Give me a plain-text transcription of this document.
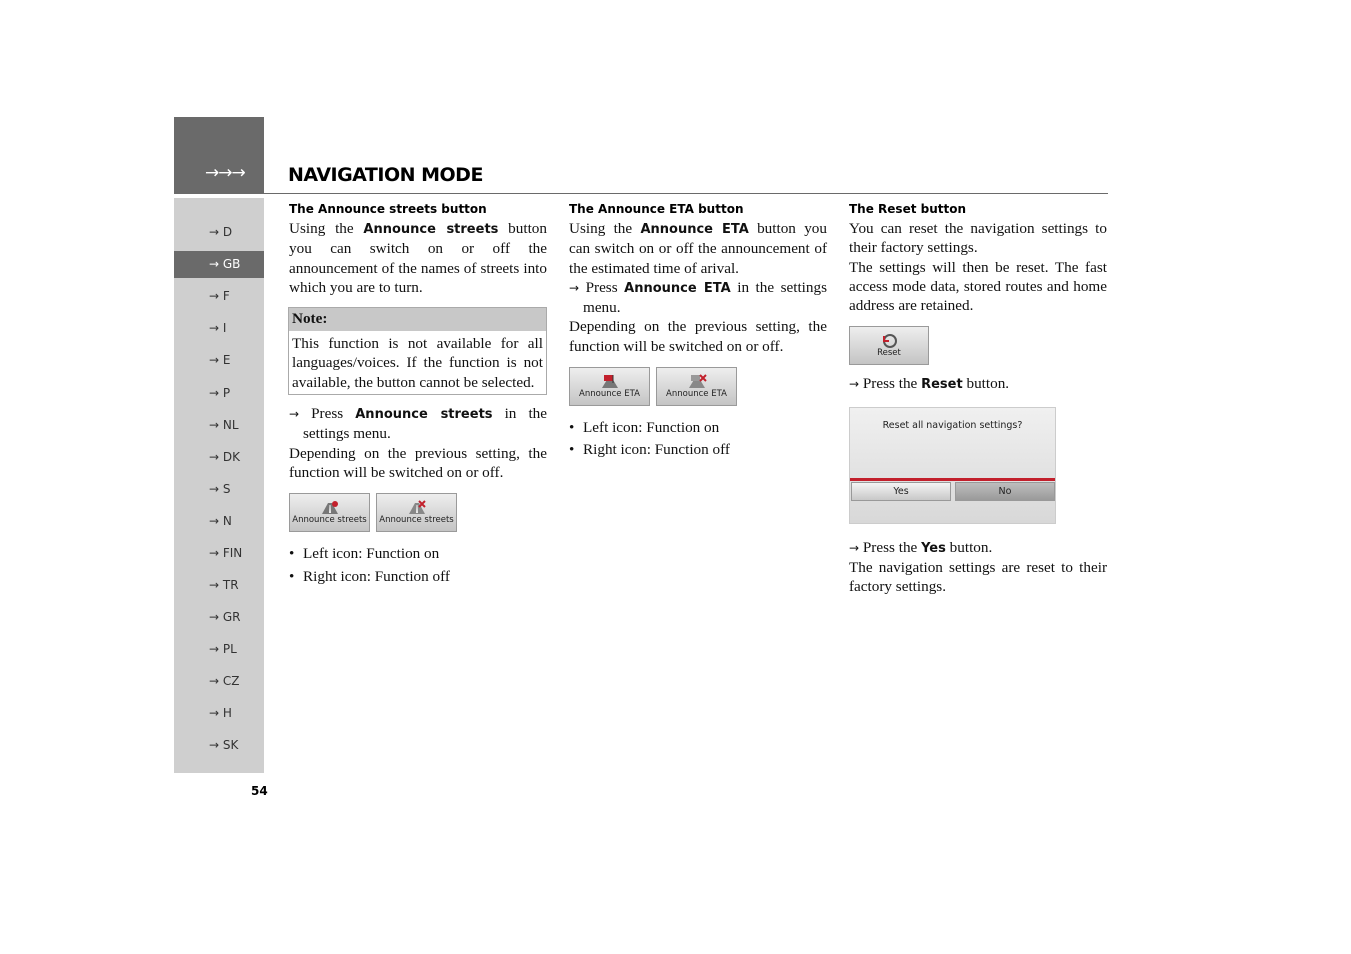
→→→ NAVIGATION MODE
→ D
→ GB
→ F
→ I
→ E
→ P
→ NL
→ DK
→ S
→ N
→ FIN
→ TR
→ GR
→ PL
→ CZ
→ H
→ SK
54
The Announce streets button

Using the Announce streets button you can switch on or off the announcement of the names of streets into which you are to turn.

Note:
This function is not available for all languages/voices. If the function is not available, the button cannot be selected.

→ Press Announce streets in the settings menu.

Depending on the previous setting, the function will be switched on or off.

Announce streets Announce streets
• Left icon: Function on
• Right icon: Function off
The Announce ETA button

Using the Announce ETA button you can switch on or off the announcement of the estimated time of arival.

→ Press Announce ETA in the settings menu.

Depending on the previous setting, the function will be switched on or off.

Announce ETA	Announce ETA
• Left icon: Function on
• Right icon: Function off
The Reset button

You can reset the navigation settings to their factory settings.

The settings will then be reset. The fast access mode data, stored routes and home address are retained.

Reset

→ Press the Reset button.

Reset all navigation settings?
Yes	No

→ Press the Yes button.

The navigation settings are reset to their factory settings.
